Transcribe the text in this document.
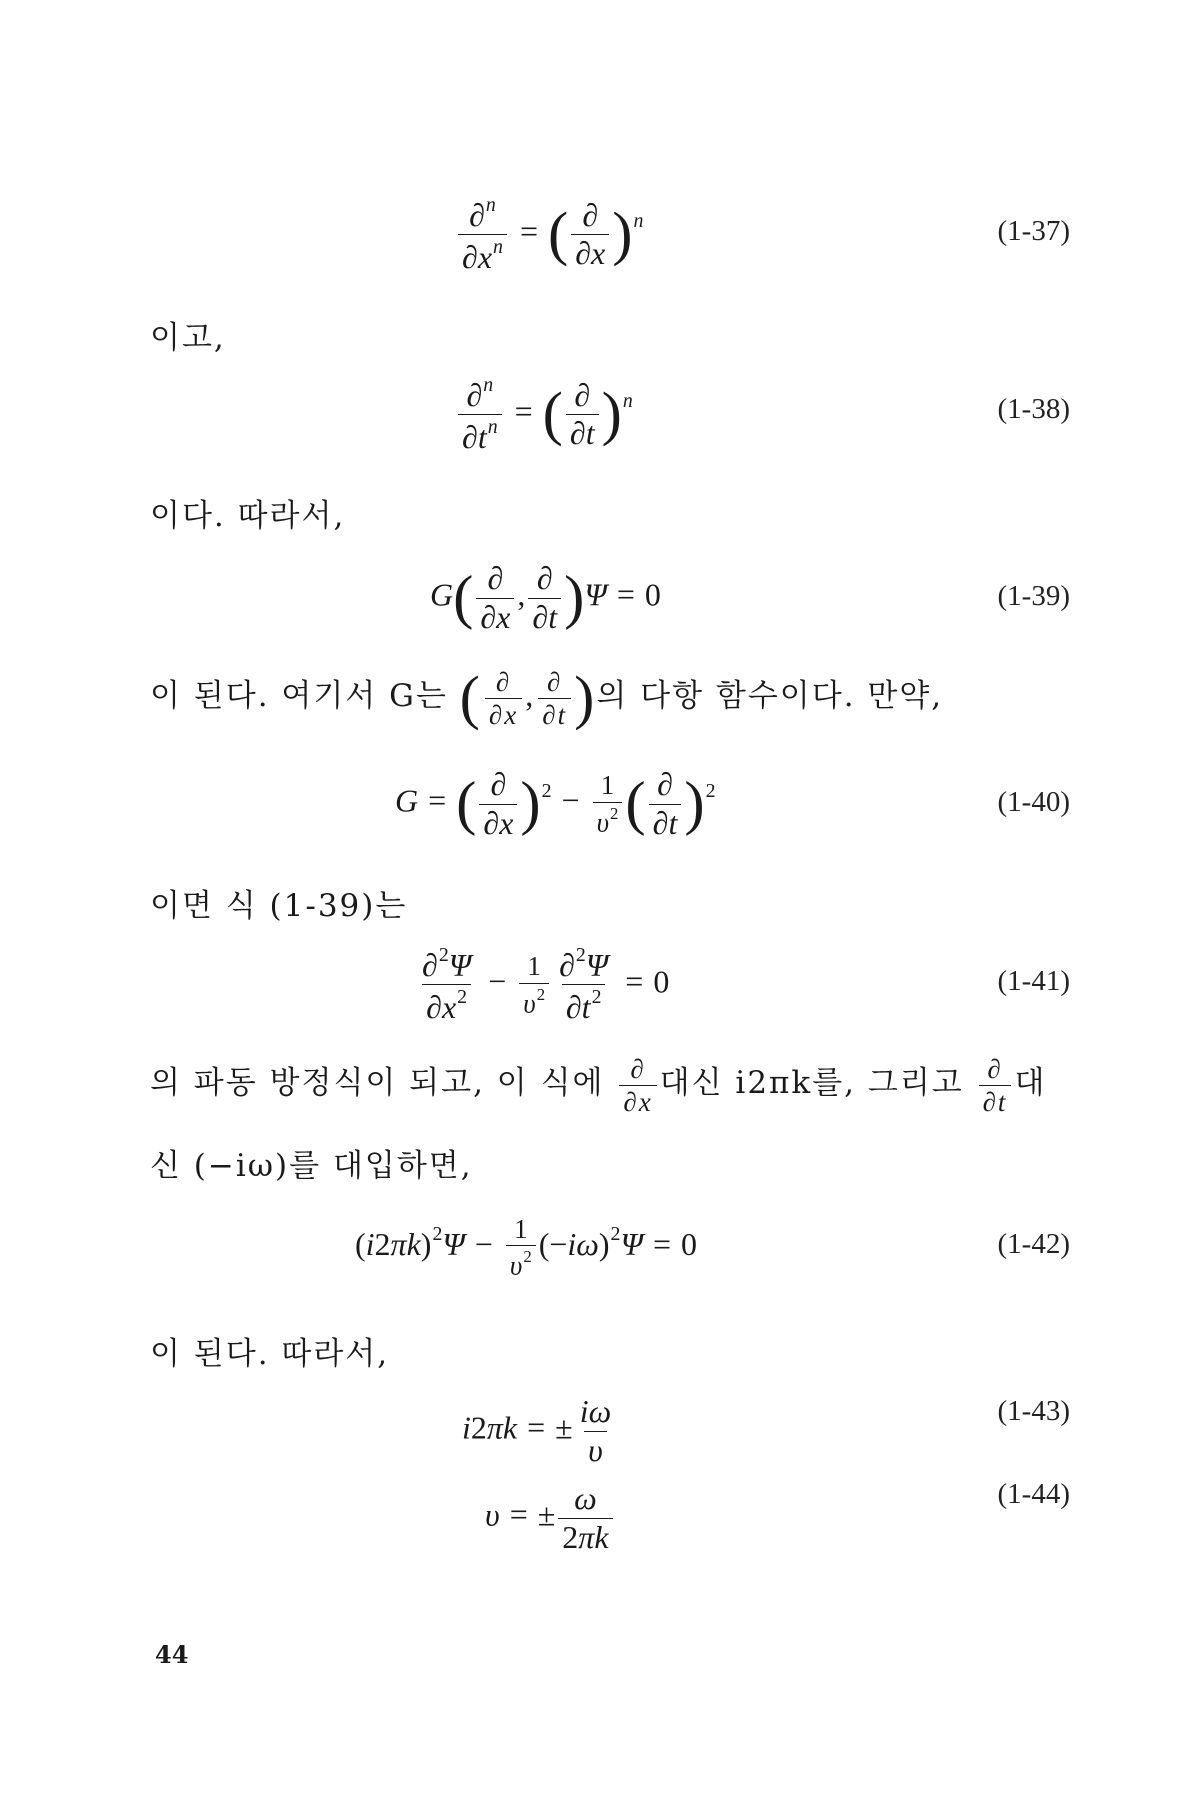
$\frac{\partial^n}{\partial x^n}$ = ( $\frac{\partial}{\partial x} )^n$	(1-37)
이고,
$\frac{\partial^n}{\partial t^n}$ = ( $\frac{\partial}{\partial t} )^n$	(1-38)
이다. 따라서,
$G( \frac{\partial}{\partial x}$ , $\frac{\partial}{\partial t} )\Psi = 0$	(1-39)
이 된다. 여기서 G는 ( $\frac{\partial}{\partial x}$ , $\frac{\partial}{\partial t}$ )의 다항 함수이다. 만약,
G = ( $\frac{\partial}{\partial x} )^2 - \frac{1}{\upsilon^2}$ ( $\frac{\partial}{\partial t} )^2$	(1-40)
이면 식 (1-39)는
$\frac{\partial^2\Psi}{\partial x^2} - \frac{1}{\upsilon^2} \frac{\partial^2\Psi}{\partial t^2} = 0$	(1-41)
의 파동 방정식이 되고, 이 식에 $\frac{\partial}{\partial x}$ 대신 i2πk를, 그리고 $\frac{\partial}{\partial t}$ 대
신 (−iω)를 대입하면,
$(i2\pi k)^2\Psi - \frac{1}{\upsilon^2} (-i\omega)^2\Psi = 0$	(1-42)
이 된다. 따라서,
i2πk = ± $\frac{i\omega}{\upsilon}$	(1-43)
υ = ± $\frac{\omega}{2\pi k}$	(1-44)
44
